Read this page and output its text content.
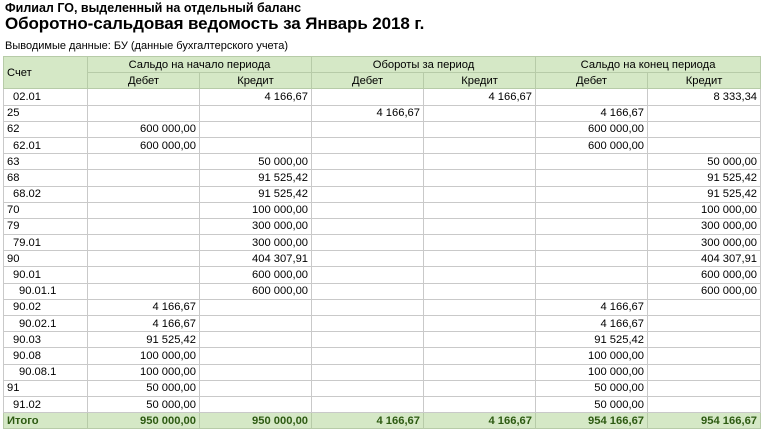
Филиал ГО, выделенный на отдельный баланс
Оборотно-сальдовая ведомость за Январь 2018 г.
Выводимые данные: БУ (данные бухгалтерского учета)
Счет	Сальдо на начало периода		Обороты за период		Сальдо на конец периода	
	Дебет	Кредит	Дебет	Кредит	Дебет	Кредит
02.01		4 166,67		4 166,67		8 333,34
25			4 166,67		4 166,67	
62	600 000,00				600 000,00	
62.01	600 000,00				600 000,00	
63		50 000,00				50 000,00
68		91 525,42				91 525,42
68.02		91 525,42				91 525,42
70		100 000,00				100 000,00
79		300 000,00				300 000,00
79.01		300 000,00				300 000,00
90		404 307,91				404 307,91
90.01		600 000,00				600 000,00
90.01.1		600 000,00				600 000,00
90.02	4 166,67				4 166,67	
90.02.1	4 166,67				4 166,67	
90.03	91 525,42				91 525,42	
90.08	100 000,00				100 000,00	
90.08.1	100 000,00				100 000,00	
91	50 000,00				50 000,00	
91.02	50 000,00				50 000,00	
Итого	950 000,00	950 000,00	4 166,67	4 166,67	954 166,67	954 166,67
